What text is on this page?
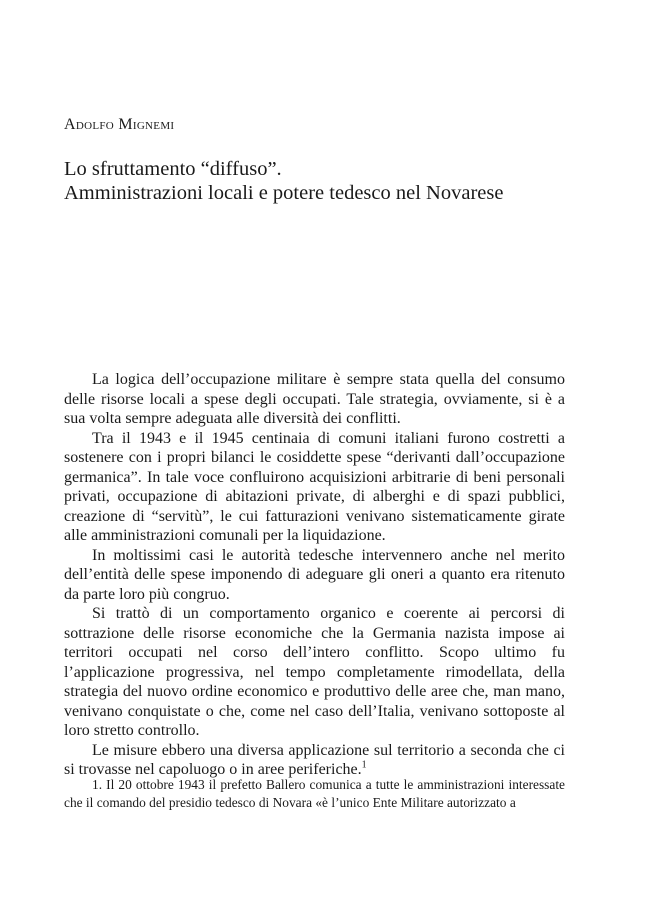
Adolfo Mignemi
Lo sfruttamento “diffuso”.
Amministrazioni locali e potere tedesco nel Novarese

La logica dell’occupazione militare è sempre stata quella del consumo delle risorse locali a spese degli occupati. Tale strategia, ovviamente, si è a sua volta sempre adeguata alle diversità dei conflitti.

Tra il 1943 e il 1945 centinaia di comuni italiani furono costretti a sostenere con i propri bilanci le cosiddette spese “derivanti dall’occupazione germanica”. In tale voce confluirono acquisizioni arbitrarie di beni personali privati, occupazione di abitazioni private, di alberghi e di spazi pubblici, creazione di “servitù”, le cui fatturazioni venivano sistematicamente girate alle amministrazioni comunali per la liquidazione.

In moltissimi casi le autorità tedesche intervennero anche nel merito dell’entità delle spese imponendo di adeguare gli oneri a quanto era ritenuto da parte loro più congruo.

Si trattò di un comportamento organico e coerente ai percorsi di sottrazione delle risorse economiche che la Germania nazista impose ai territori occupati nel corso dell’intero conflitto. Scopo ultimo fu l’applicazione progressiva, nel tempo completamente rimodellata, della strategia del nuovo ordine economico e produttivo delle aree che, man mano, venivano conquistate o che, come nel caso dell’Italia, venivano sottoposte al loro stretto controllo.

Le misure ebbero una diversa applicazione sul territorio a seconda che ci si trovasse nel capoluogo o in aree periferiche.$^1$

1. Il 20 ottobre 1943 il prefetto Ballero comunica a tutte le amministrazioni interessate che il comando del presidio tedesco di Novara «è l’unico Ente Militare autorizzato a
